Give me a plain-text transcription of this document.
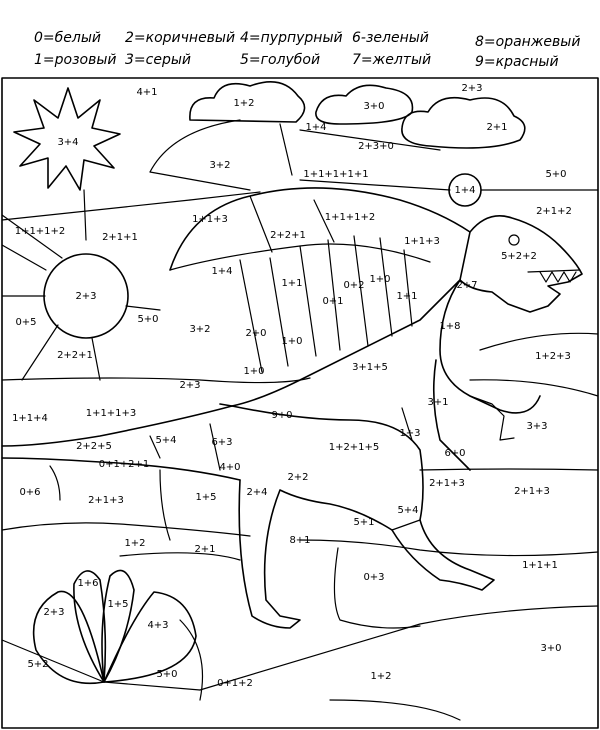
0=белый
1=розовый
2=коричневый
3=серый
4=пурпурный
5=голубой
6-зеленый
7=желтый
8=оранжевый
9=красный
4+1
1+2	3+0
2+3
1+4	2+1
3+4	2+3+0
3+2
1+1+1+1+1
1+4
5+0
1+1+1+2
1+1+3
2+2+1
1+1+3
2+1+1
1+1+1+2
2+1+2
5+2+2
1+4
1+1	0+2
1+0
0+1	1+1
2+7
2+3
5+0
0+5
3+2	2+0
1+0
1+8
1+2+3
2+2+1
3+1+5
2+3
1+0
9+0
3+1
1+1+4	1+1+1+3
1+3
3+3
2+2+5
5+4	6+3	1+2+1+5
6+0
0+1+2+1	4+0
2+2
2+1+3
2+1+3
0+6
2+1+3	1+5	2+4
5+1
5+4
8+1
1+2
2+1
1+1+1
1+6
0+3
2+3
1+5
4+3
3+0
1+2
5+2
5+0
0+1+2
